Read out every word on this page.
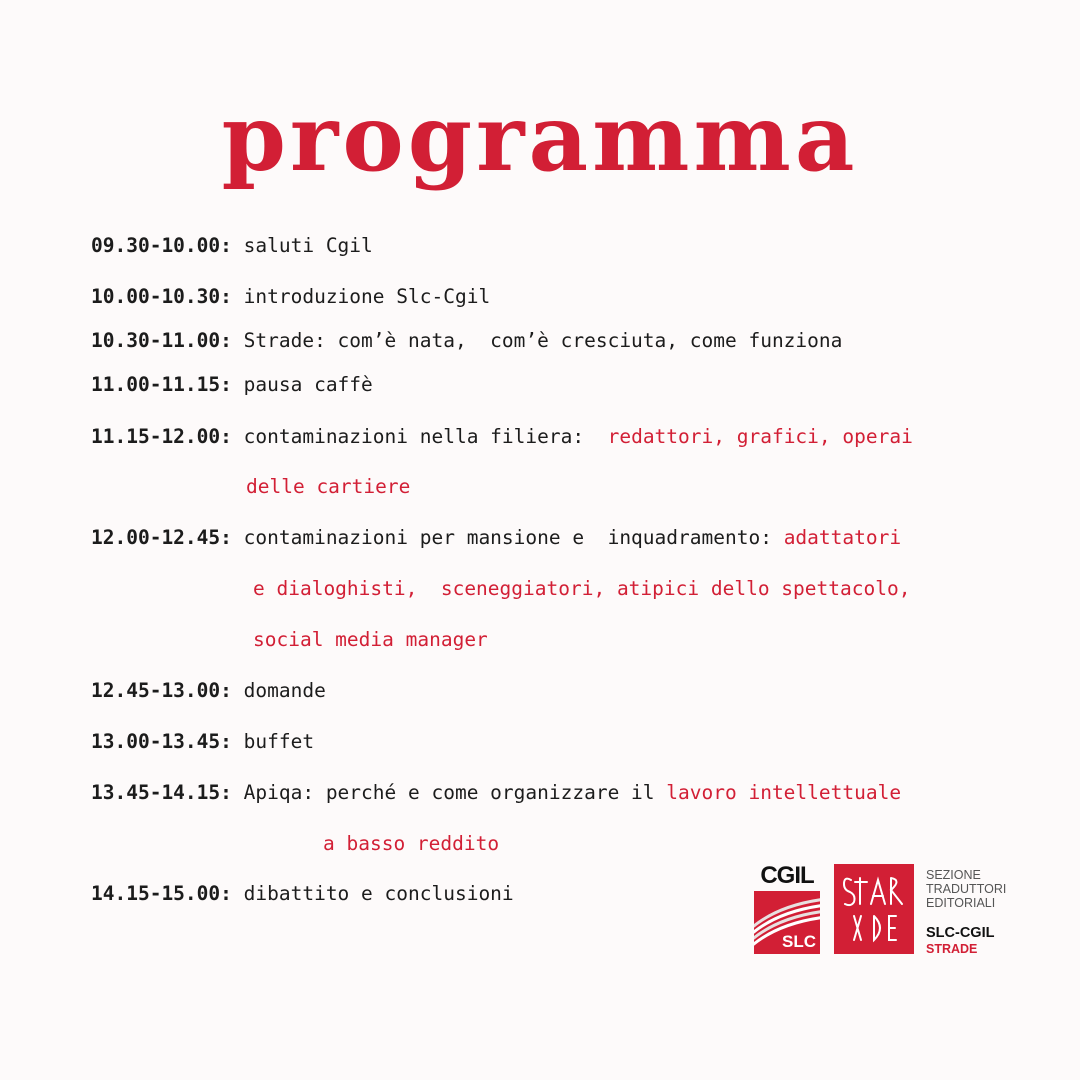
programma
09.30-10.00: saluti Cgil
10.00-10.30: introduzione Slc-Cgil
10.30-11.00: Strade: com’è nata,  com’è cresciuta, come funziona
11.00-11.15: pausa caffè
11.15-12.00: contaminazioni nella filiera:  redattori, grafici, operai
delle cartiere
12.00-12.45: contaminazioni per mansione e  inquadramento: adattatori
e dialoghisti,  sceneggiatori, atipici dello spettacolo,
social media manager
12.45-13.00: domande
13.00-13.45: buffet
13.45-14.15: Apiqa: perché e come organizzare il lavoro intellettuale
a basso reddito
14.15-15.00: dibattito e conclusioni
CGIL
SLC
SEZIONE
TRADUTTORI
EDITORIALI
SLC-CGIL
STRADE
